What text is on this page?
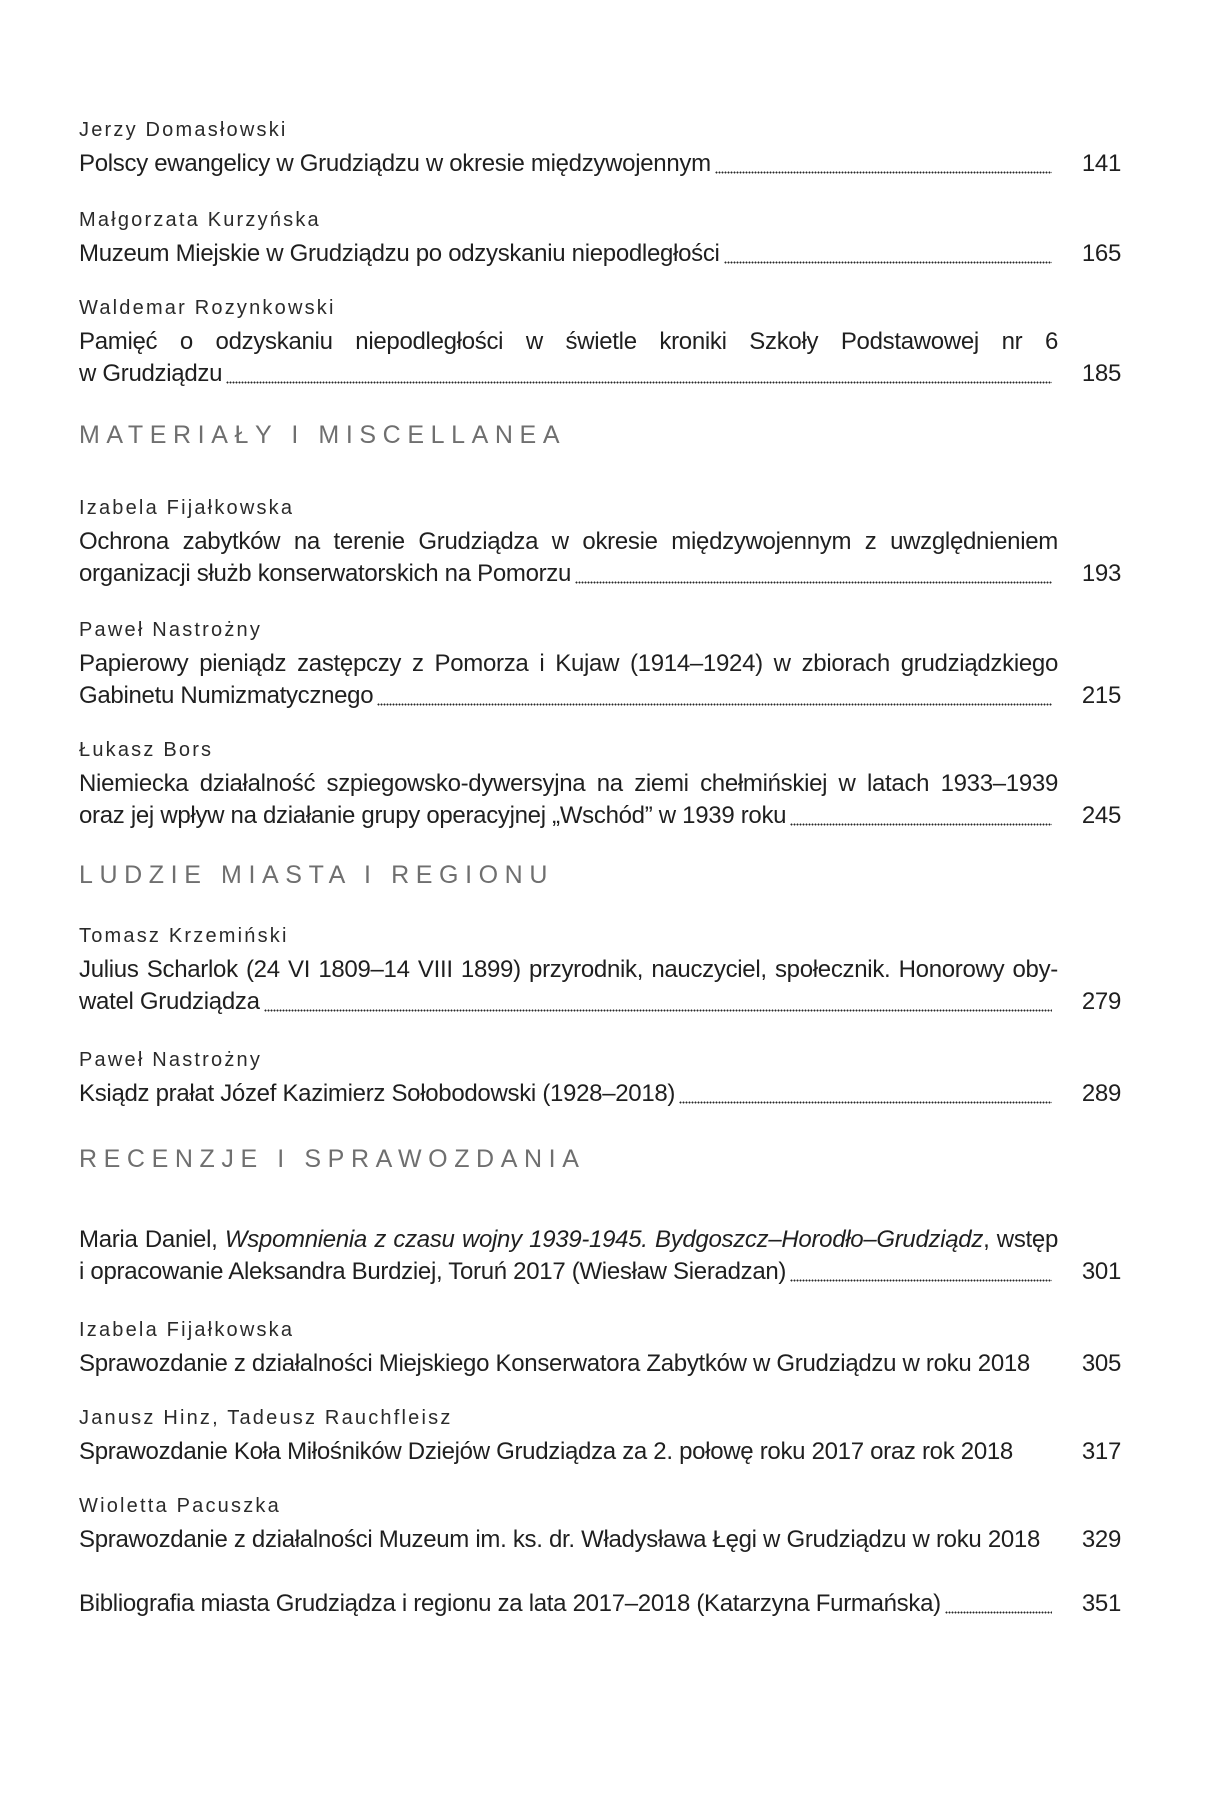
Jerzy Domasłowski
Polscy ewangelicy w Grudziądzu w okresie międzywojennym	141
Małgorzata Kurzyńska
Muzeum Miejskie w Grudziądzu po odzyskaniu niepodległości	165
Waldemar Rozynkowski
Pamięć o odzyskaniu niepodległości w świetle kroniki Szkoły Podstawowej nr 6
w Grudziądzu	185
MATERIAŁY I MISCELLANEA
Izabela Fijałkowska
Ochrona zabytków na terenie Grudziądza w okresie międzywojennym z uwzględnieniem
organizacji służb konserwatorskich na Pomorzu	193
Paweł Nastrożny
Papierowy pieniądz zastępczy z Pomorza i Kujaw (1914–1924) w zbiorach grudziądzkiego
Gabinetu Numizmatycznego	215
Łukasz Bors
Niemiecka działalność szpiegowsko-dywersyjna na ziemi chełmińskiej w latach 1933–1939
oraz jej wpływ na działanie grupy operacyjnej „Wschód” w 1939 roku	245
LUDZIE MIASTA I REGIONU
Tomasz Krzemiński
Julius Scharlok (24 VI 1809–14 VIII 1899) przyrodnik, nauczyciel, społecznik. Honorowy oby-
watel Grudziądza	279
Paweł Nastrożny
Ksiądz prałat Józef Kazimierz Sołobodowski (1928–2018)	289
RECENZJE I SPRAWOZDANIA
Maria Daniel, Wspomnienia z czasu wojny 1939-1945. Bydgoszcz–Horodło–Grudziądz, wstęp
i opracowanie Aleksandra Burdziej, Toruń 2017 (Wiesław Sieradzan)	301
Izabela Fijałkowska
Sprawozdanie z działalności Miejskiego Konserwatora Zabytków w Grudziądzu w roku 2018	305
Janusz Hinz, Tadeusz Rauchfleisz
Sprawozdanie Koła Miłośników Dziejów Grudziądza za 2. połowę roku 2017 oraz rok 2018	317
Wioletta Pacuszka
Sprawozdanie z działalności Muzeum im. ks. dr. Władysława Łęgi w Grudziądzu w roku 2018	329
Bibliografia miasta Grudziądza i regionu za lata 2017–2018 (Katarzyna Furmańska)	351
